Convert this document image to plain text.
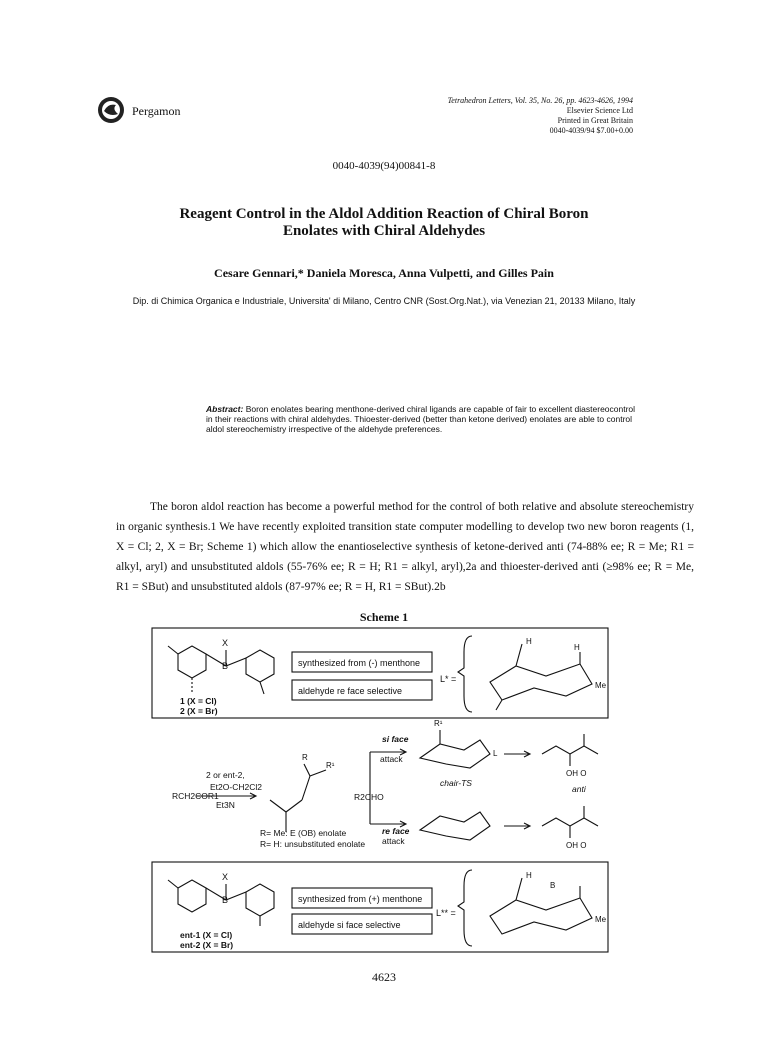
Pergamon
Tetrahedron Letters, Vol. 35, No. 26, pp. 4623-4626, 1994
Elsevier Science Ltd
Printed in Great Britain
0040-4039/94 $7.00+0.00
0040-4039(94)00841-8
Reagent Control in the Aldol Addition Reaction of Chiral Boron
Enolates with Chiral Aldehydes
Cesare Gennari,* Daniela Moresca, Anna Vulpetti, and Gilles Pain
Dip. di Chimica Organica e Industriale, Universita' di Milano, Centro CNR (Sost.Org.Nat.), via Venezian 21, 20133 Milano, Italy
Abstract: Boron enolates bearing menthone-derived chiral ligands are capable of fair to excellent diastereocontrol in their reactions with chiral aldehydes. Thioester-derived (better than ketone derived) enolates are able to control aldol stereochemistry irrespective of the aldehyde preferences.

The boron aldol reaction has become a powerful method for the control of both relative and absolute stereochemistry in organic synthesis.1 We have recently exploited transition state computer modelling to develop two new boron reagents (1, X = Cl; 2, X = Br; Scheme 1) which allow the enantioselective synthesis of ketone-derived anti (74-88% ee; R = Me; R1 = alkyl, aryl) and unsubstituted aldols (55-76% ee; R = H; R1 = alkyl, aryl),2a and thioester-derived anti (≥98% ee; R = Me, R1 = SBut) and unsubstituted aldols (87-97% ee; R = H, R1 = SBut).2b

Scheme 1
X
B	synthesized from (-) menthone
aldehyde re face selective
1 (X = Cl)
2 (X = Br)
L* =
H
H
Me
2 or ent-2,
Et2O-CH2Cl2
RCH2COR1
Et3N
R
R¹
R2CHO
si face
attack
re face
attack
R¹
L
chair-TS
OH O
anti
OH O
R= Me: E (OB) enolate
R= H: unsubstituted enolate
X
B	synthesized from (+) menthone
aldehyde si face selective
ent-1 (X = Cl)
ent-2 (X = Br)
L** =
H
B
Me
4623
